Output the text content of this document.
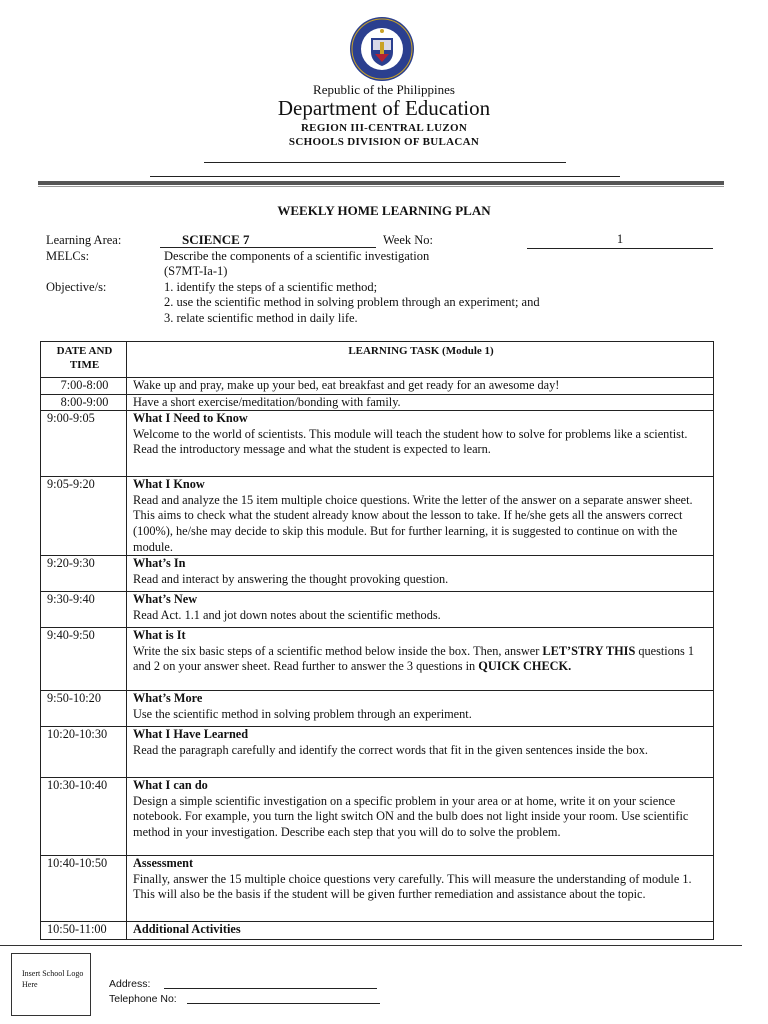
Republic of the Philippines
Department of Education
REGION III-CENTRAL LUZON
SCHOOLS DIVISION OF BULACAN
WEEKLY HOME LEARNING PLAN
Learning Area:	SCIENCE 7	Week No:	1
MELCs:	Describe the components of a scientific investigation
(S7MT-Ia-1)
Objective/s:	1. identify the steps of a scientific method;
2. use the scientific method in solving problem through an experiment; and
3. relate scientific method in daily life.
DATE AND TIME	LEARNING TASK (Module 1)
7:00-8:00	Wake up and pray, make up your bed, eat breakfast and get ready for an awesome day!
8:00-9:00	Have a short exercise/meditation/bonding with family.
9:00-9:05	What I Need to Know
Welcome to the world of scientists. This module will teach the student how to solve for problems like a scientist. Read the introductory message and what the student is expected to learn.

9:05-9:20	What I Know
Read and analyze the 15 item multiple choice questions. Write the letter of the answer on a separate answer sheet. This aims to check what the student already know about the lesson to take. If he/she gets all the answers correct (100%), he/she may decide to skip this module. But for further learning, it is suggested to continue on with the module.

9:20-9:30	What’s In
Read and interact by answering the thought provoking question.

9:30-9:40	What’s New
Read Act. 1.1 and jot down notes about the scientific methods.

9:40-9:50	What is It
Write the six basic steps of a scientific method below inside the box. Then, answer LET’STRY THIS questions 1 and 2 on your answer sheet. Read further to answer the 3 questions in QUICK CHECK.

9:50-10:20	What’s More
Use the scientific method in solving problem through an experiment.

10:20-10:30	What I Have Learned
Read the paragraph carefully and identify the correct words that fit in the given sentences inside the box.

10:30-10:40	What I can do
Design a simple scientific investigation on a specific problem in your area or at home, write it on your science notebook. For example, you turn the light switch ON and the bulb does not light inside your room. Use scientific method in your investigation. Describe each step that you will do to solve the problem.

10:40-10:50	Assessment
Finally, answer the 15 multiple choice questions very carefully. This will measure the understanding of module 1. This will also be the basis if the student will be given further remediation and assistance about the topic.

10:50-11:00	Additional Activities
Insert School Logo Here	Address:
Telephone No:
